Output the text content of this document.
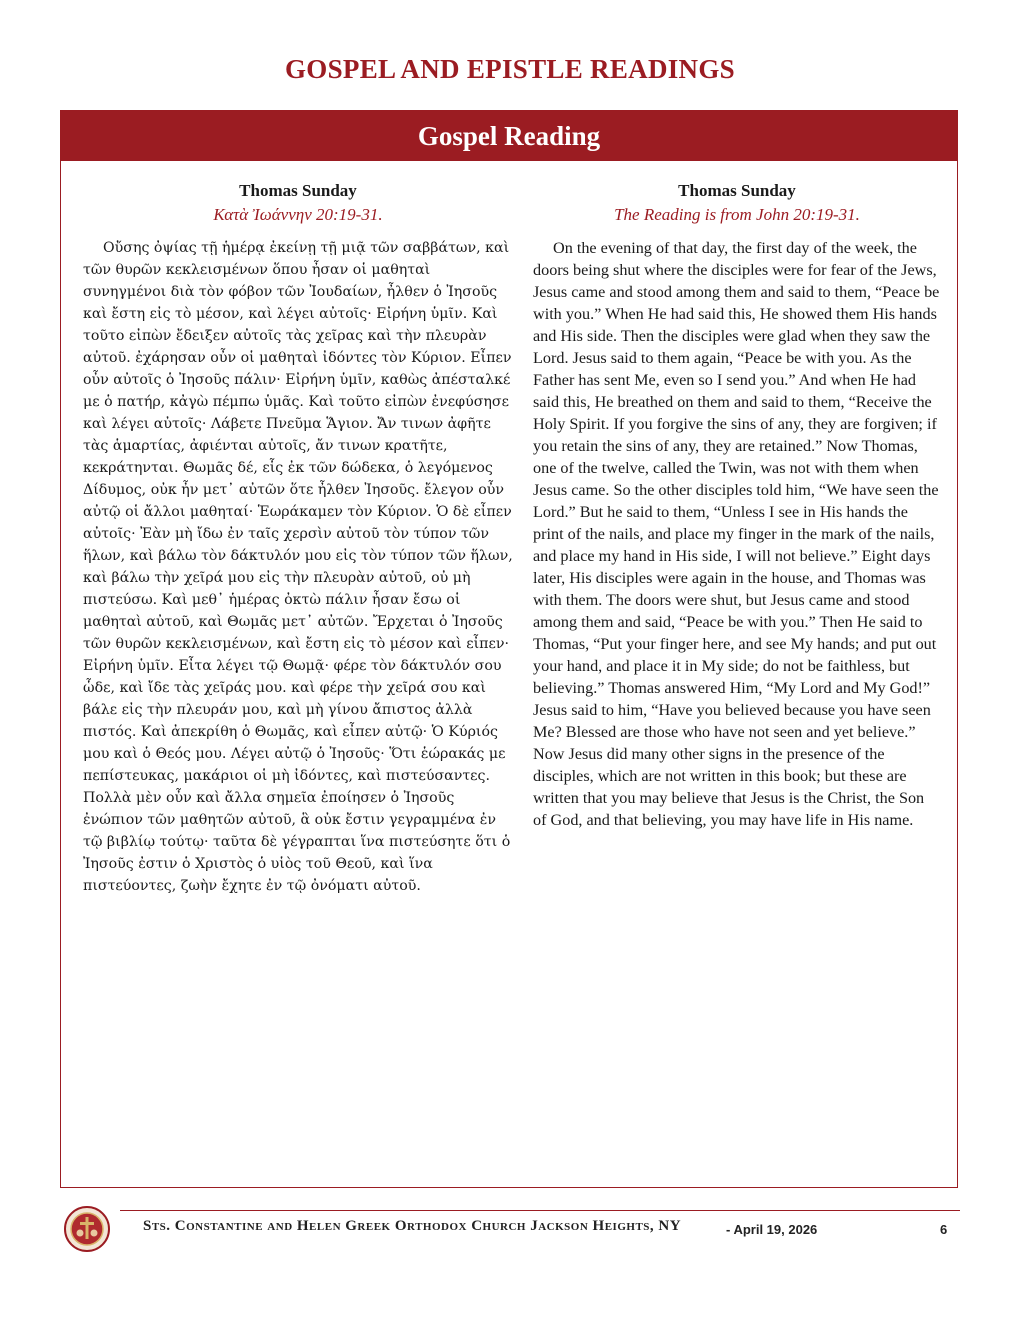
GOSPEL AND EPISTLE READINGS
Gospel Reading
Thomas Sunday
Κατὰ Ἰωάννην 20:19-31.
Οὔσης ὀψίας τῇ ἡμέρᾳ ἐκείνῃ τῇ μιᾷ τῶν σαββάτων, καὶ τῶν θυρῶν κεκλεισμένων ὅπου ἦσαν οἱ μαθηταὶ συνηγμένοι διὰ τὸν φόβον τῶν Ἰουδαίων, ἦλθεν ὁ Ἰησοῦς καὶ ἔστη εἰς τὸ μέσον, καὶ λέγει αὐτοῖς· Εἰρήνη ὑμῖν. Καὶ τοῦτο εἰπὼν ἔδειξεν αὐτοῖς τὰς χεῖρας καὶ τὴν πλευρὰν αὐτοῦ. ἐχάρησαν οὖν οἱ μαθηταὶ ἰδόντες τὸν Κύριον. Εἶπεν οὖν αὐτοῖς ὁ Ἰησοῦς πάλιν· Εἰρήνη ὑμῖν, καθὼς ἀπέσταλκέ με ὁ πατήρ, κἀγὼ πέμπω ὑμᾶς. Καὶ τοῦτο εἰπὼν ἐνεφύσησε καὶ λέγει αὐτοῖς· Λάβετε Πνεῦμα Ἅγιον. Ἄν τινων ἀφῆτε τὰς ἁμαρτίας, ἀφιένται αὐτοῖς, ἄν τινων κρατῆτε, κεκράτηνται. Θωμᾶς δέ, εἷς ἐκ τῶν δώδεκα, ὁ λεγόμενος Δίδυμος, οὐκ ἦν μετ᾽ αὐτῶν ὅτε ἦλθεν Ἰησοῦς. ἔλεγον οὖν αὐτῷ οἱ ἄλλοι μαθηταί· Ἑωράκαμεν τὸν Κύριον. Ὁ δὲ εἶπεν αὐτοῖς· Ἐὰν μὴ ἴδω ἐν ταῖς χερσὶν αὐτοῦ τὸν τύπον τῶν ἥλων, καὶ βάλω τὸν δάκτυλόν μου εἰς τὸν τύπον τῶν ἥλων, καὶ βάλω τὴν χεῖρά μου εἰς τὴν πλευρὰν αὐτοῦ, οὐ μὴ πιστεύσω. Καὶ μεθ᾽ ἡμέρας ὀκτὼ πάλιν ἦσαν ἔσω οἱ μαθηταὶ αὐτοῦ, καὶ Θωμᾶς μετ᾽ αὐτῶν. Ἔρχεται ὁ Ἰησοῦς τῶν θυρῶν κεκλεισμένων, καὶ ἔστη εἰς τὸ μέσον καὶ εἶπεν· Εἰρήνη ὑμῖν. Εἶτα λέγει τῷ Θωμᾷ· φέρε τὸν δάκτυλόν σου ὧδε, καὶ ἴδε τὰς χεῖράς μου. καὶ φέρε τὴν χεῖρά σου καὶ βάλε εἰς τὴν πλευράν μου, καὶ μὴ γίνου ἄπιστος ἀλλὰ πιστός. Καὶ ἀπεκρίθη ὁ Θωμᾶς, καὶ εἶπεν αὐτῷ· Ὁ Κύριός μου καὶ ὁ Θεός μου. Λέγει αὐτῷ ὁ Ἰησοῦς· Ὅτι ἑώρακάς με πεπίστευκας, μακάριοι οἱ μὴ ἰδόντες, καὶ πιστεύσαντες. Πολλὰ μὲν οὖν καὶ ἄλλα σημεῖα ἐποίησεν ὁ Ἰησοῦς ἐνώπιον τῶν μαθητῶν αὐτοῦ, ἃ οὐκ ἔστιν γεγραμμένα ἐν τῷ βιβλίῳ τούτῳ· ταῦτα δὲ γέγραπται ἵνα πιστεύσητε ὅτι ὁ Ἰησοῦς ἐστιν ὁ Χριστὸς ὁ υἱὸς τοῦ Θεοῦ, καὶ ἵνα πιστεύοντες, ζωὴν ἔχητε ἐν τῷ ὀνόματι αὐτοῦ.
Thomas Sunday
The Reading is from John 20:19-31.
On the evening of that day, the first day of the week, the doors being shut where the disciples were for fear of the Jews, Jesus came and stood among them and said to them, “Peace be with you.” When He had said this, He showed them His hands and His side. Then the disciples were glad when they saw the Lord. Jesus said to them again, “Peace be with you. As the Father has sent Me, even so I send you.” And when He had said this, He breathed on them and said to them, “Receive the Holy Spirit. If you forgive the sins of any, they are forgiven; if you retain the sins of any, they are retained.” Now Thomas, one of the twelve, called the Twin, was not with them when Jesus came. So the other disciples told him, “We have seen the Lord.” But he said to them, “Unless I see in His hands the print of the nails, and place my finger in the mark of the nails, and place my hand in His side, I will not believe.” Eight days later, His disciples were again in the house, and Thomas was with them. The doors were shut, but Jesus came and stood among them and said, “Peace be with you.” Then He said to Thomas, “Put your finger here, and see My hands; and put out your hand, and place it in My side; do not be faithless, but believing.” Thomas answered Him, “My Lord and My God!” Jesus said to him, “Have you believed because you have seen Me? Blessed are those who have not seen and yet believe.” Now Jesus did many other signs in the presence of the disciples, which are not written in this book; but these are written that you may believe that Jesus is the Christ, the Son of God, and that believing, you may have life in His name.
Sts. Constantine and Helen Greek Orthodox Church Jackson Heights, NY	- April 19, 2026	6
